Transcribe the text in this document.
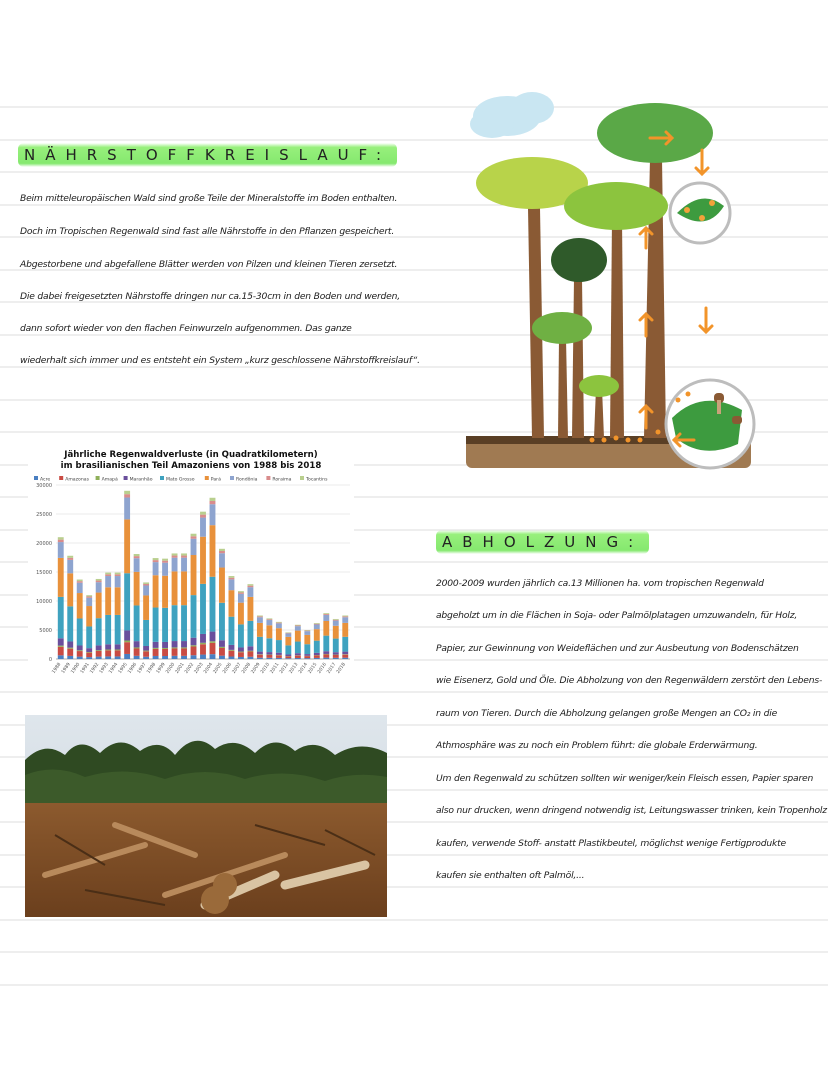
NÄHRSTOFFKREISLAUF:
Beim mitteleuropäischen Wald sind große Teile der Mineralstoffe im Boden enthalten.
Doch im Tropischen Regenwald sind fast alle Nährstoffe in den Pflanzen gespeichert.
Abgestorbene und abgefallene Blätter werden von Pilzen und kleinen Tieren zersetzt.
Die dabei freigesetzten Nährstoffe dringen nur ca.15-30cm in den Boden und werden,
dann sofort wieder von den flachen Feinwurzeln aufgenommen. Das ganze
wiederhalt sich immer und es entsteht ein System „kurz geschlossene Nährstoffkreislauf“.
Jährliche Regenwaldverluste (in Quadratkilometern)
im brasilianischen Teil Amazoniens von 1988 bis 2018
Acre	Amazonas	Amapá	Maranhão	Mato Grosso	Pará	Rondônia	Roraima	Tocantins
30000
25000
20000
15000
10000
5000
0
1988
1989
1990
1991
1992
1993
1994
1995
1996
1997
1998
1999
2000
2001
2002
2003
2004
2005
2006
2007
2008
2009
2010
2011
2012
2013
2014
2015
2016
2017
2018
ABHOLZUNG:
2000-2009 wurden jährlich ca.13 Millionen ha. vom tropischen Regenwald
abgeholzt um in die Flächen in Soja- oder Palmölplatagen umzuwandeln, für Holz,
Papier, zur Gewinnung von Weideflächen und zur Ausbeutung von Bodenschätzen
wie Eisenerz, Gold und Öle. Die Abholzung von den Regenwäldern zerstört den Lebens-
raum von Tieren. Durch die Abholzung gelangen große Mengen an CO₂ in die
Athmosphäre was zu noch ein Problem führt: die globale Erderwärmung.
Um den Regenwald zu schützen sollten wir weniger/kein Fleisch essen, Papier sparen
also nur drucken, wenn dringend notwendig ist, Leitungswasser trinken, kein Tropenholz
kaufen, verwende Stoff- anstatt Plastikbeutel, möglichst wenige Fertigprodukte
kaufen sie enthalten oft Palmöl,...
